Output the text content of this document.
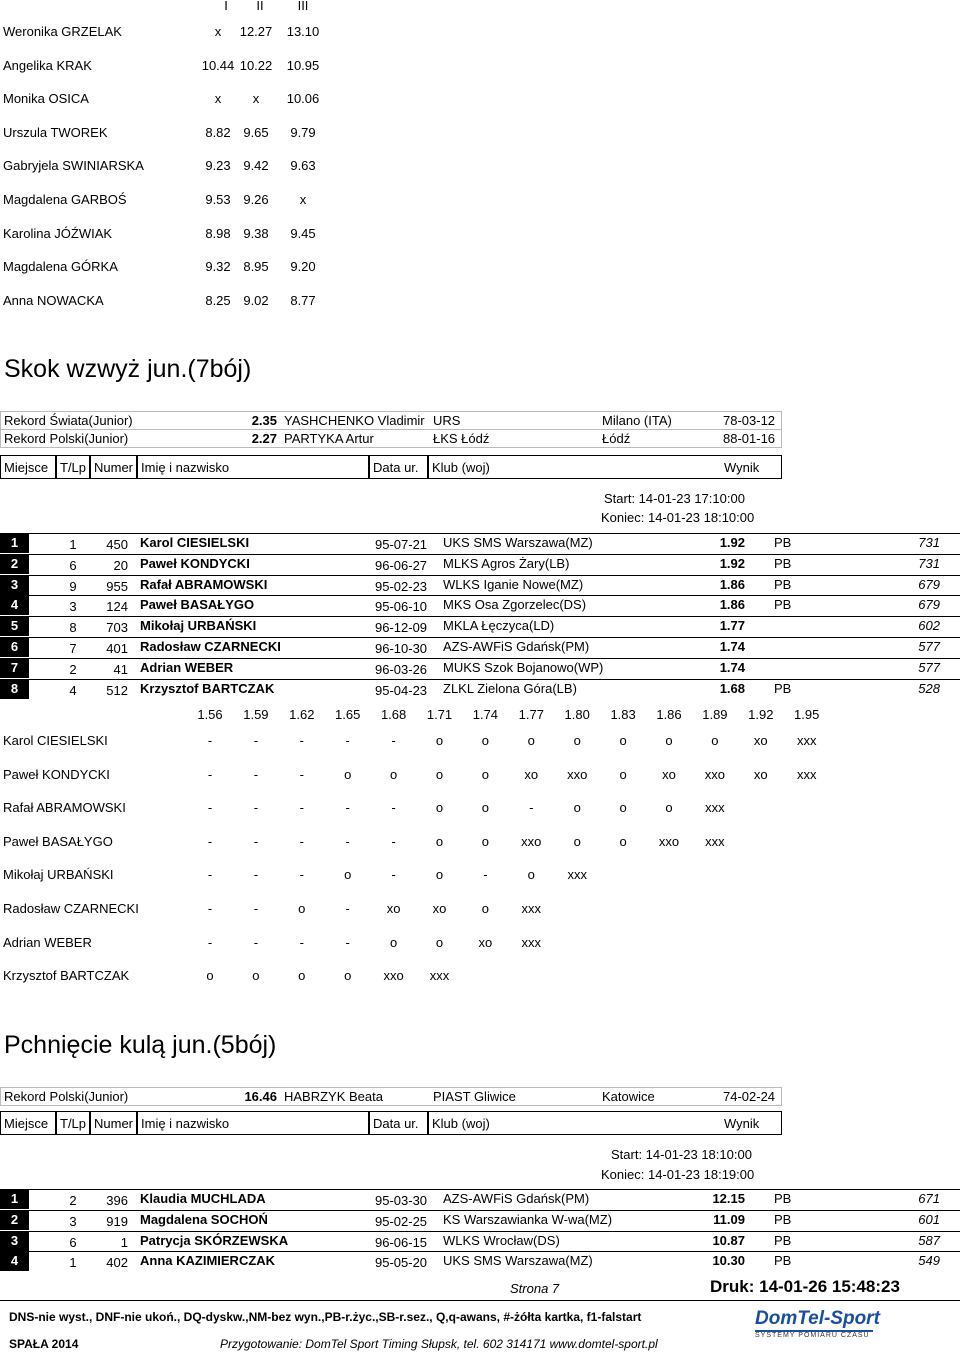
I	II	III
Weronika GRZELAK	x	12.27 13.10
Angelika KRAK	10.44 10.22 10.95
Monika OSICA	x	x	10.06
Urszula TWOREK	8.82 9.65	9.79
Gabryjela SWINIARSKA	9.23 9.42	9.63
Magdalena GARBOŚ	9.53 9.26	x
Karolina JÓŹWIAK	8.98 9.38	9.45
Magdalena GÓRKA	9.32 8.95	9.20
Anna NOWACKA	8.25 9.02	8.77
Skok wzwyż jun.(7bój)
Rekord Świata(Junior)	2.35 YASHCHENKO Vladimir URS	Milano (ITA)	78-03-12
Rekord Polski(Junior)	2.27 PARTYKA Artur	ŁKS Łódź	Łódź	88-01-16
Miejsce T/Lp Numer Imię i nazwisko	Data ur.	Klub (woj)	Wynik
Start: 14-01-23 17:10:00
Koniec: 14-01-23 18:10:00
1	1	450 Karol CIESIELSKI	95-07-21 UKS SMS Warszawa(MZ)	1.92 PB	731
2	6	20 Paweł KONDYCKI	96-06-27 MLKS Agros Żary(LB)	1.92 PB	731
3	9	955 Rafał ABRAMOWSKI	95-02-23 WLKS Iganie Nowe(MZ)	1.86 PB	679
4	3	124 Paweł BASAŁYGO	95-06-10 MKS Osa Zgorzelec(DS)	1.86 PB	679
5	8	703 Mikołaj URBAŃSKI	96-12-09 MKLA Łęczyca(LD)	1.77	602
6	7	401 Radosław CZARNECKI	96-10-30 AZS-AWFiS Gdańsk(PM)	1.74	577
7	2	41 Adrian WEBER	96-03-26 MUKS Szok Bojanowo(WP)	1.74	577
8	4	512 Krzysztof BARTCZAK	95-04-23 ZLKL Zielona Góra(LB)	1.68 PB	528
1.56	1.59	1.62	1.65	1.68	1.71	1.74	1.77	1.80	1.83	1.86	1.89	1.92	1.95
Karol CIESIELSKI	-	-	-	-	-	o	o	o	o	o	o	o	xo	xxx
Paweł KONDYCKI	-	-	-	o	o	o	o	xo	xxo	o	xo	xxo	xo	xxx
Rafał ABRAMOWSKI	-	-	-	-	-	o	o	-	o	o	o	xxx
Paweł BASAŁYGO	-	-	-	-	-	o	o	xxo	o	o	xxo	xxx
Mikołaj URBAŃSKI	-	-	-	o	-	o	-	o	xxx
Radosław CZARNECKI	-	-	o	-	xo	xo	o	xxx
Adrian WEBER	-	-	-	-	o	o	xo	xxx
Krzysztof BARTCZAK	o	o	o	o	xxo	xxx
Pchnięcie kulą jun.(5bój)
Rekord Polski(Junior)	16.46 HABRZYK Beata	PIAST Gliwice	Katowice	74-02-24
Miejsce T/Lp Numer Imię i nazwisko	Data ur.	Klub (woj)	Wynik
Start: 14-01-23 18:10:00
Koniec: 14-01-23 18:19:00
1	2	396 Klaudia MUCHLADA	95-03-30 AZS-AWFiS Gdańsk(PM)	12.15 PB	671
2	3	919 Magdalena SOCHOŃ	95-02-25 KS Warszawianka W-wa(MZ)	11.09 PB	601
3	6	1 Patrycja SKÓRZEWSKA	96-06-15 WLKS Wrocław(DS)	10.87 PB	587
4	1	402 Anna KAZIMIERCZAK	95-05-20 UKS SMS Warszawa(MZ)	10.30 PB	549
Strona 7	Druk: 14-01-26 15:48:23
DNS-nie wyst., DNF-nie ukoń., DQ-dyskw.,NM-bez wyn.,PB-r.życ.,SB-r.sez., Q,q-awans, #-żółta kartka, f1-falstart
SPAŁA 2014	Przygotowanie: DomTel Sport Timing Słupsk, tel. 602 314171 www.domtel-sport.pl
DomTel-Sport
SYSTEMY POMIARU CZASU
